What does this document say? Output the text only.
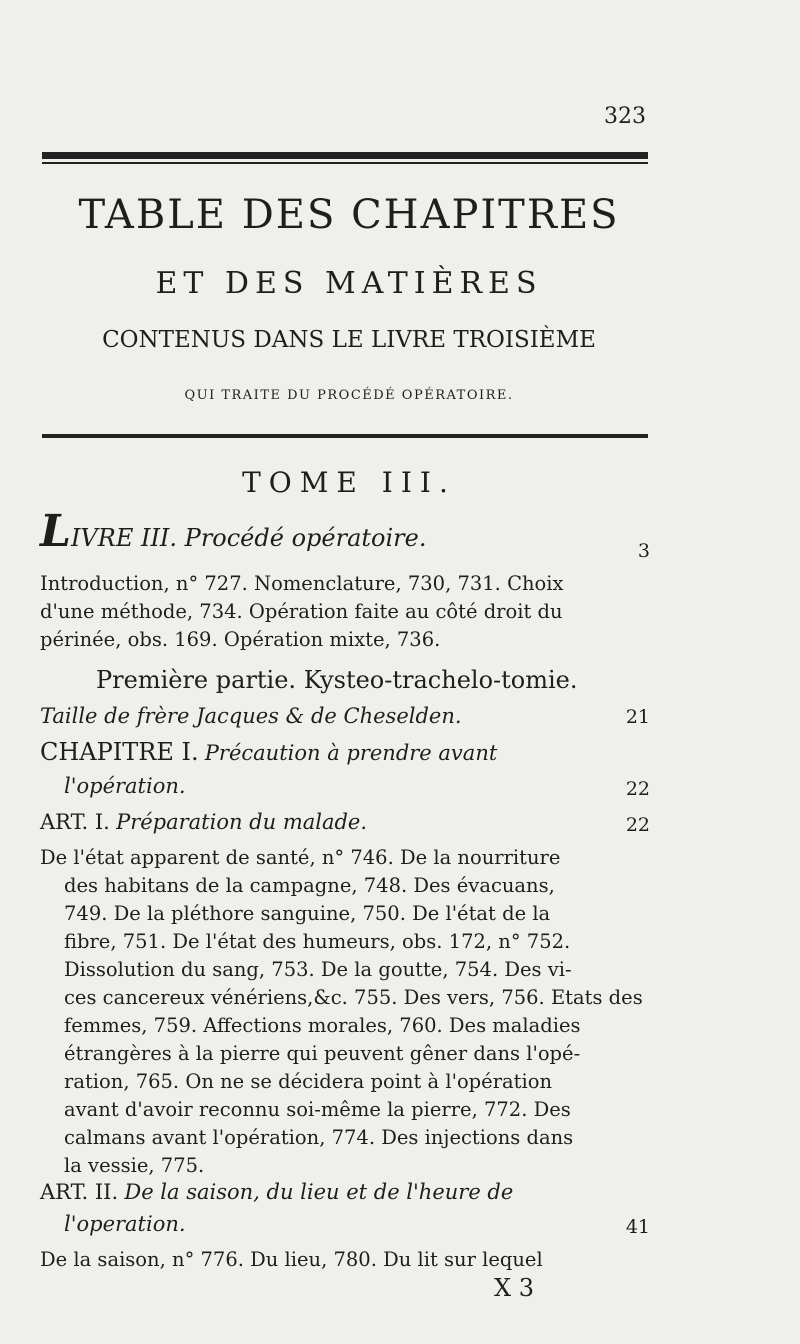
323
TABLE DES CHAPITRES
ET DES MATIÈRES
CONTENUS DANS LE LIVRE TROISIÈME
QUI TRAITE DU PROCÉDÉ OPÉRATOIRE.
TOME III.
LIVRE III. Procédé opératoire.	3
Introduction, n° 727. Nomenclature, 730, 731. Choix
d'une méthode, 734. Opération faite au côté droit du
périnée, obs. 169. Opération mixte, 736.
Première partie. Kysteo-trachelo-tomie.
Taille de frère Jacques & de Cheselden.	21
CHAPITRE I. Précaution à prendre avant
l'opération.	22
ART. I. Préparation du malade.	22
De l'état apparent de santé, n° 746. De la nourriture
des habitans de la campagne, 748. Des évacuans,
749. De la pléthore sanguine, 750. De l'état de la
fibre, 751. De l'état des humeurs, obs. 172, n° 752.
Dissolution du sang, 753. De la goutte, 754. Des vi-
ces cancereux vénériens,&c. 755. Des vers, 756. Etats des
femmes, 759. Affections morales, 760. Des maladies
étrangères à la pierre qui peuvent gêner dans l'opé-
ration, 765. On ne se décidera point à l'opération
avant d'avoir reconnu soi-même la pierre, 772. Des
calmans avant l'opération, 774. Des injections dans
la vessie, 775.
ART. II. De la saison, du lieu et de l'heure de
l'operation.	41
De la saison, n° 776. Du lieu, 780. Du lit sur lequel
X 3
